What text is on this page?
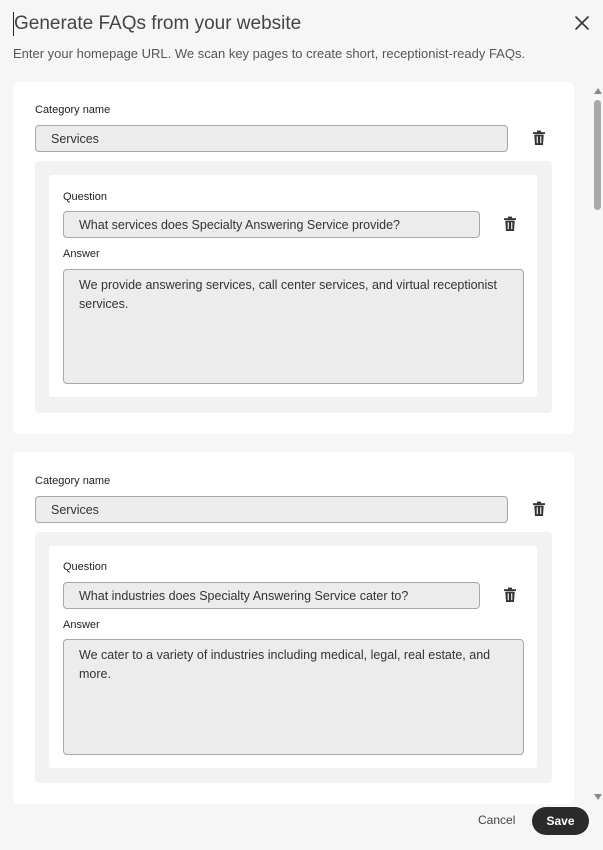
Generate FAQs from your website

Enter your homepage URL. We scan key pages to create short, receptionist-ready FAQs.

Category name
Services
Question
What services does Specialty Answering Service provide?
Answer
We provide answering services, call center services, and virtual receptionist services.
Category name
Services
Question
What industries does Specialty Answering Service cater to?
Answer
We cater to a variety of industries including medical, legal, real estate, and more.
Cancel	Save
